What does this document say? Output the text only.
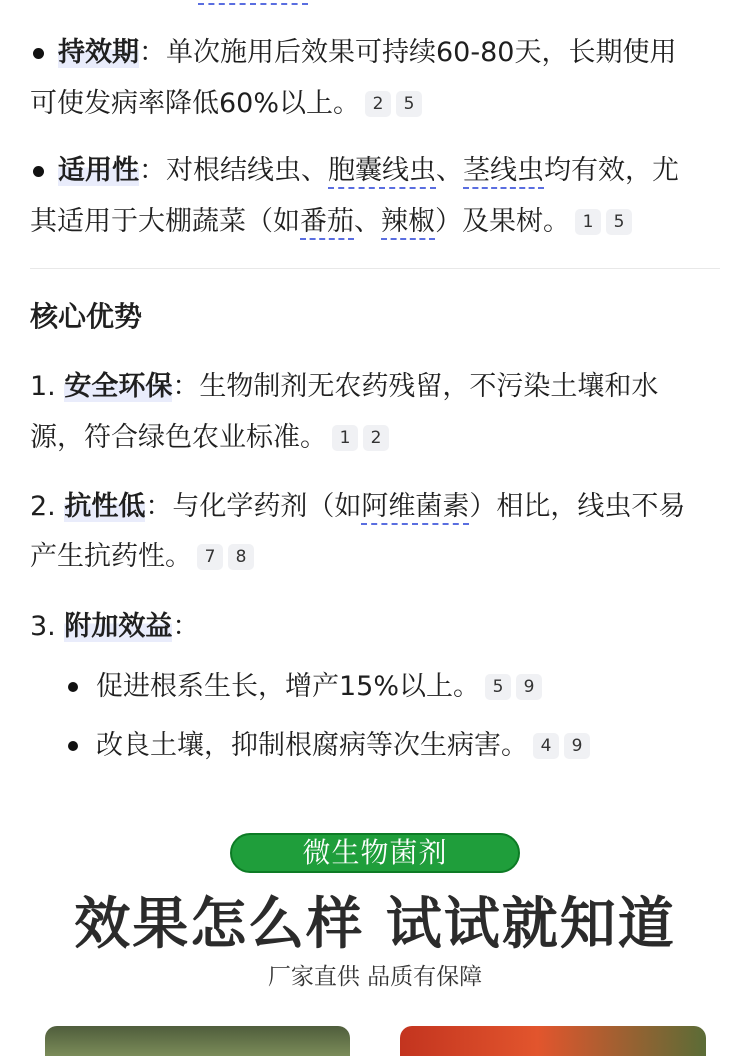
持效期：单次施用后效果可持续60-80天，长期使用
可使发病率降低60%以上。 2 5
适用性：对根结线虫、胞囊线虫、茎线虫均有效，尤
其适用于大棚蔬菜（如番茄、辣椒）及果树。 1 5
核心优势
1. 安全环保：生物制剂无农药残留，不污染土壤和水
源，符合绿色农业标准。 1 2
2. 抗性低：与化学药剂（如阿维菌素）相比，线虫不易
产生抗药性。 7 8
3. 附加效益：
促进根系生长，增产15%以上。 5 9
改良土壤，抑制根腐病等次生病害。 4 9
微生物菌剂
效果怎么样 试试就知道
厂家直供 品质有保障
